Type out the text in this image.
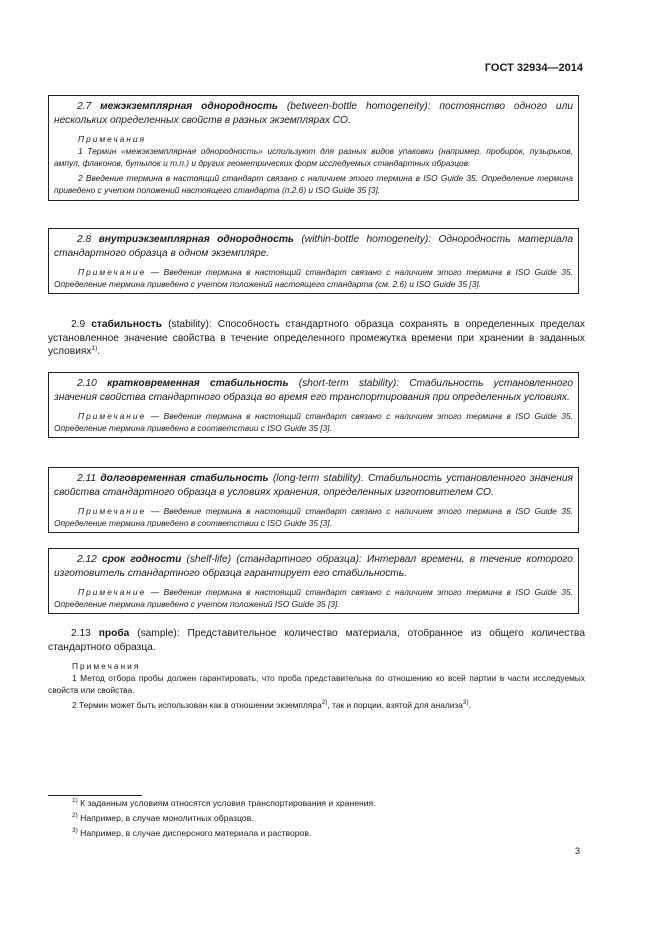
ГОСТ 32934—2014

2.7 межэкземплярная однородность (between-bottle homogeneity): постоянство одного или нескольких определенных свойств в разных экземплярах СО.

Примечания

1 Термин «межэкземплярная однородность» используют для разных видов упаковки (например, пробирок, пузырьков, ампул, флаконов, бутылок и т.п.) и других геометрических форм исследуемых стандартных образцов.

2 Введение термина в настоящий стандарт связано с наличием этого термина в ISO Guide 35. Определение термина приведено с учетом положений настоящего стандарта (п.2.6) и ISO Guide 35 [3].

2.8 внутриэкземплярная однородность (within-bottle homogeneity): Однородность материала стандартного образца в одном экземпляре.

Примечание — Введение термина в настоящий стандарт связано с наличием этого термина в ISO Guide 35. Определение термина приведено с учетом положений настоящего стандарта (см. 2.6) и ISO Guide 35 [3].

2.9 стабильность (stability): Способность стандартного образца сохранять в определенных пределах установленное значение свойства в течение определенного промежутка времени при хранении в заданных условиях$^{1)}$.

2.10 кратковременная стабильность (short-term stability): Стабильность установленного значения свойства стандартного образца во время его транспортирования при определенных условиях.

Примечание — Введение термина в настоящий стандарт связано с наличием этого термина в ISO Guide 35. Определение термина приведено в соответствии с ISO Guide 35 [3].

2.11 долговременная стабильность (long-term stability). Стабильность установленного значения свойства стандартного образца в условиях хранения, определенных изготовителем СО.

Примечание — Введение термина в настоящий стандарт связано с наличием этого термина в ISO Guide 35. Определение термина приведено в соответствии с ISO Guide 35 [3].

2.12 срок годности (shelf-life) (стандартного образца): Интервал времени, в течение которого изготовитель стандартного образца гарантирует его стабильность.

Примечание — Введение термина в настоящий стандарт связано с наличием этого термина в ISO Guide 35. Определение термина приведено с учетом положений ISO Guide 35 [3].

2.13 проба (sample): Представительное количество материала, отобранное из общего количества стандартного образца.

Примечания

1 Метод отбора пробы должен гарантировать, что проба представительна по отношению ко всей партии в части исследуемых свойств или свойства.

2 Термин может быть использован как в отношении экземпляра$^{2)}$, так и порции, взятой для анализа$^{3)}$.

$^{1)}$ К заданным условиям относятся условия транспортирования и хранения.
$^{2)}$ Например, в случае монолитных образцов.
$^{3)}$ Например, в случае дисперсного материала и растворов.
3
